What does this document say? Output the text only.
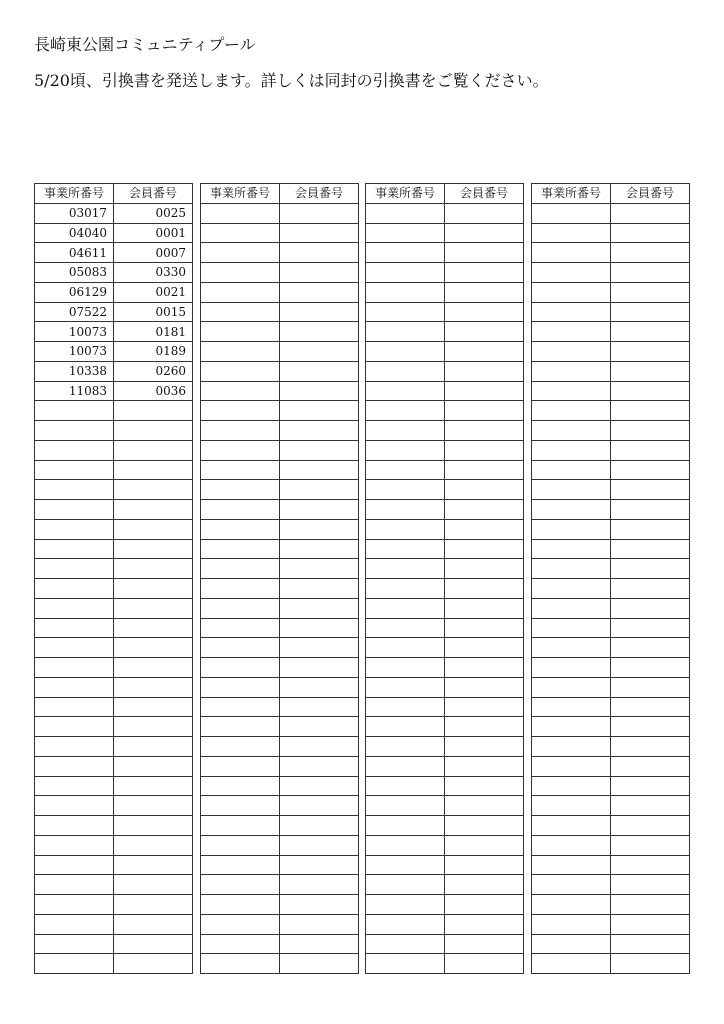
長崎東公園コミュニティプール
5/20頃、引換書を発送します。詳しくは同封の引換書をご覧ください。
事業所番号	会員番号
03017	0025
04040	0001
04611	0007
05083	0330
06129	0021
07522	0015
10073	0181
10073	0189
10338	0260
11083	0036

事業所番号	会員番号

		事業所番号	会員番号

		事業所番号	会員番号
